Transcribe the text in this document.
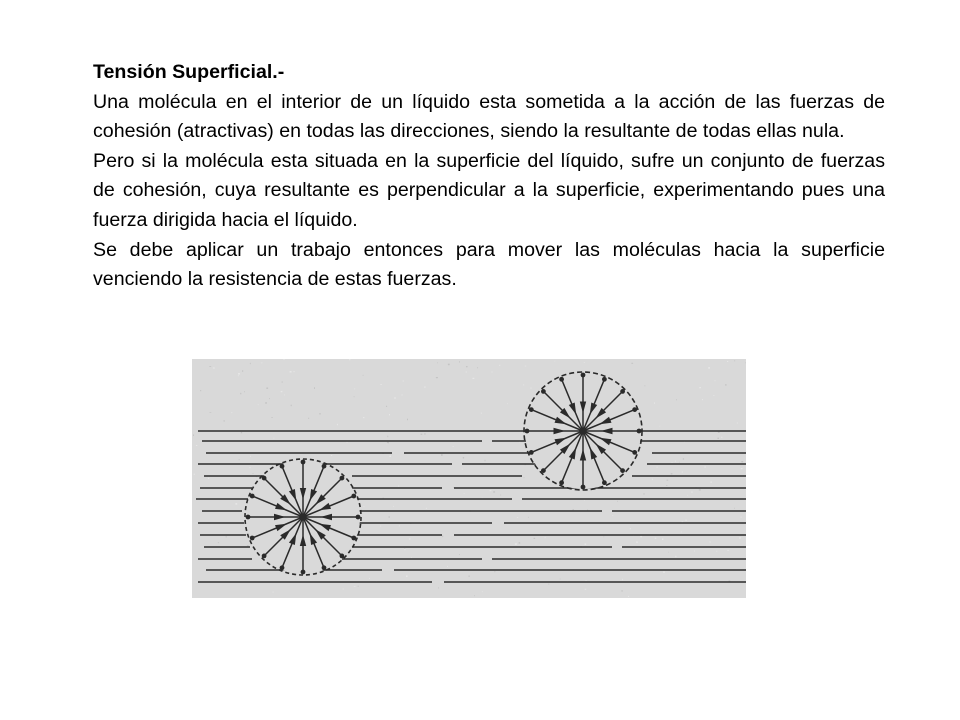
Tensión Superficial.-

Una molécula en el interior de un líquido esta sometida a la acción de las fuerzas de cohesión (atractivas) en todas las direcciones, siendo la resultante de todas ellas nula.

Pero si la molécula esta situada en la superficie del líquido, sufre un conjunto de fuerzas de cohesión, cuya resultante es perpendicular a la superficie, experimentando pues una fuerza dirigida hacia el líquido.

Se debe aplicar un trabajo entonces para mover las moléculas hacia la superficie venciendo la resistencia de estas fuerzas.
